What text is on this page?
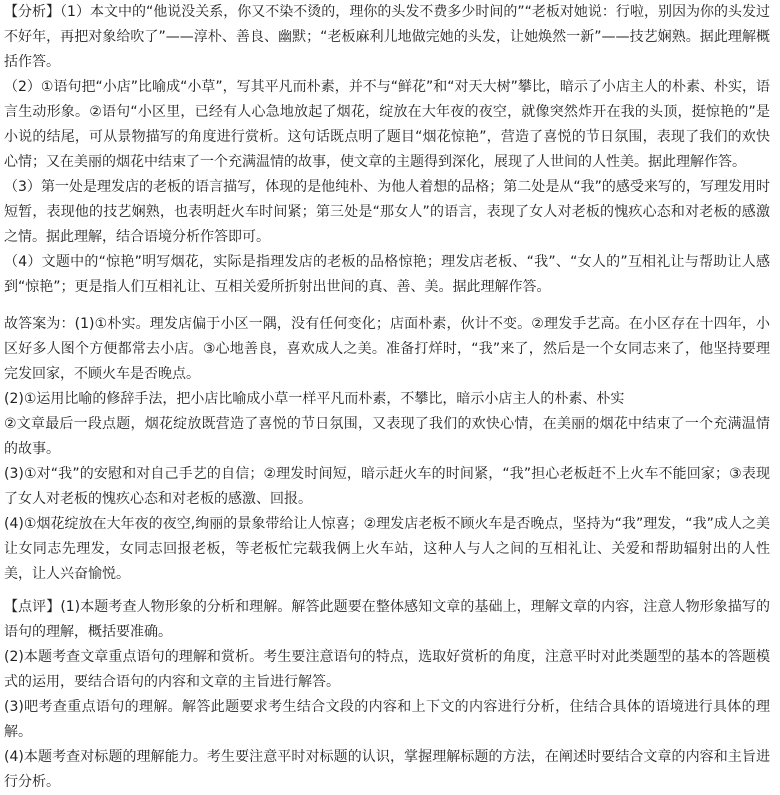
【分析】（1）本文中的“他说没关系，你又不染不烫的，理你的头发不费多少时间的”“老板对她说：行啦，别因为你的头发过不好年，再把对象给吹了”——淳朴、善良、幽默；“老板麻利儿地做完她的头发，让她焕然一新”——技艺娴熟。据此理解概括作答。

（2）①语句把“小店”比喻成“小草”，写其平凡而朴素，并不与“鲜花”和“对天大树”攀比，暗示了小店主人的朴素、朴实，语言生动形象。②语句“小区里，已经有人心急地放起了烟花，绽放在大年夜的夜空，就像突然炸开在我的头顶，挺惊艳的”是小说的结尾，可从景物描写的角度进行赏析。这句话既点明了题目“烟花惊艳”，营造了喜悦的节日氛围，表现了我们的欢快心情；又在美丽的烟花中结束了一个充满温情的故事，使文章的主题得到深化，展现了人世间的人性美。据此理解作答。

（3）第一处是理发店的老板的语言描写，体现的是他纯朴、为他人着想的品格；第二处是从“我”的感受来写的，写理发用时短暂，表现他的技艺娴熟，也表明赶火车时间紧；第三处是“那女人”的语言，表现了女人对老板的愧疚心态和对老板的感激之情。据此理解，结合语境分析作答即可。

（4）文题中的“惊艳”明写烟花，实际是指理发店的老板的品格惊艳；理发店老板、“我”、“女人的”互相礼让与帮助让人感到“惊艳”；更是指人们互相礼让、互相关爱所折射出世间的真、善、美。据此理解作答。

故答案为：(1)①朴实。理发店偏于小区一隅，没有任何变化；店面朴素，伙计不变。②理发手艺高。在小区存在十四年，小区好多人图个方便都常去小店。③心地善良，喜欢成人之美。准备打烊时，“我”来了，然后是一个女同志来了，他坚持要理完发回家，不顾火车是否晚点。

(2)①运用比喻的修辞手法，把小店比喻成小草一样平凡而朴素，不攀比，暗示小店主人的朴素、朴实

②文章最后一段点题，烟花绽放既营造了喜悦的节日氛围，又表现了我们的欢快心情，在美丽的烟花中结束了一个充满温情的故事。

(3)①对“我”的安慰和对自己手艺的自信；②理发时间短，暗示赶火车的时间紧，“我”担心老板赶不上火车不能回家；③表现了女人对老板的愧疚心态和对老板的感激、回报。

(4)①烟花绽放在大年夜的夜空,绚丽的景象带给让人惊喜；②理发店老板不顾火车是否晚点，坚持为“我”理发，“我”成人之美让女同志先理发，女同志回报老板，等老板忙完载我俩上火车站，这种人与人之间的互相礼让、关爱和帮助辐射出的人性美，让人兴奋愉悦。

【点评】(1)本题考查人物形象的分析和理解。解答此题要在整体感知文章的基础上，理解文章的内容，注意人物形象描写的语句的理解，概括要准确。

(2)本题考查文章重点语句的理解和赏析。考生要注意语句的特点，选取好赏析的角度，注意平时对此类题型的基本的答题模式的运用，要结合语句的内容和文章的主旨进行解答。

(3)吧考查重点语句的理解。解答此题要求考生结合文段的内容和上下文的内容进行分析，住结合具体的语境进行具体的理解。

(4)本题考查对标题的理解能力。考生要注意平时对标题的认识，掌握理解标题的方法，在阐述时要结合文章的内容和主旨进行分析。
